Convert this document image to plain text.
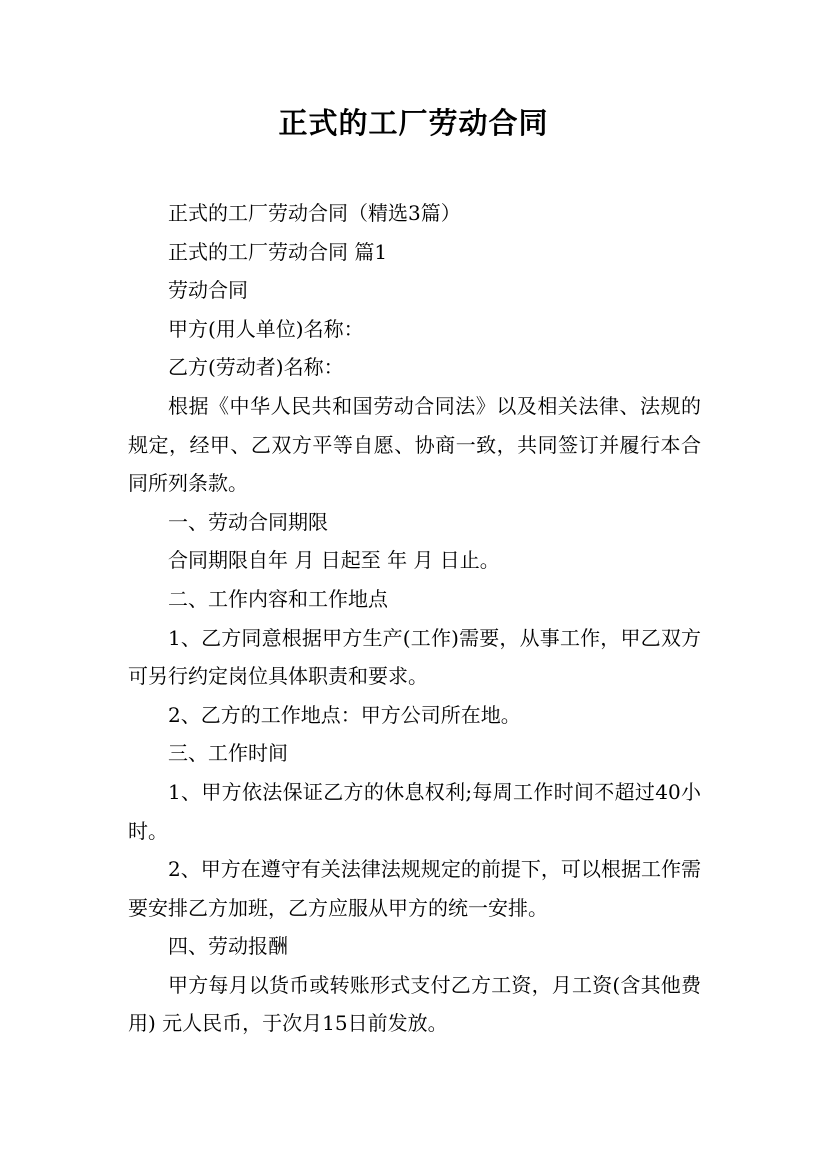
正式的工厂劳动合同

正式的工厂劳动合同（精选3篇）

正式的工厂劳动合同 篇1

劳动合同

甲方(用人单位)名称：

乙方(劳动者)名称：

根据《中华人民共和国劳动合同法》以及相关法律、法规的规定，经甲、乙双方平等自愿、协商一致，共同签订并履行本合同所列条款。

一、劳动合同期限

合同期限自年 月 日起至 年 月 日止。

二、工作内容和工作地点

1、乙方同意根据甲方生产(工作)需要，从事工作，甲乙双方可另行约定岗位具体职责和要求。

2、乙方的工作地点：甲方公司所在地。

三、工作时间

1、甲方依法保证乙方的休息权利;每周工作时间不超过40小时。

2、甲方在遵守有关法律法规规定的前提下，可以根据工作需要安排乙方加班，乙方应服从甲方的统一安排。

四、劳动报酬

甲方每月以货币或转账形式支付乙方工资，月工资(含其他费用) 元人民币，于次月15日前发放。
